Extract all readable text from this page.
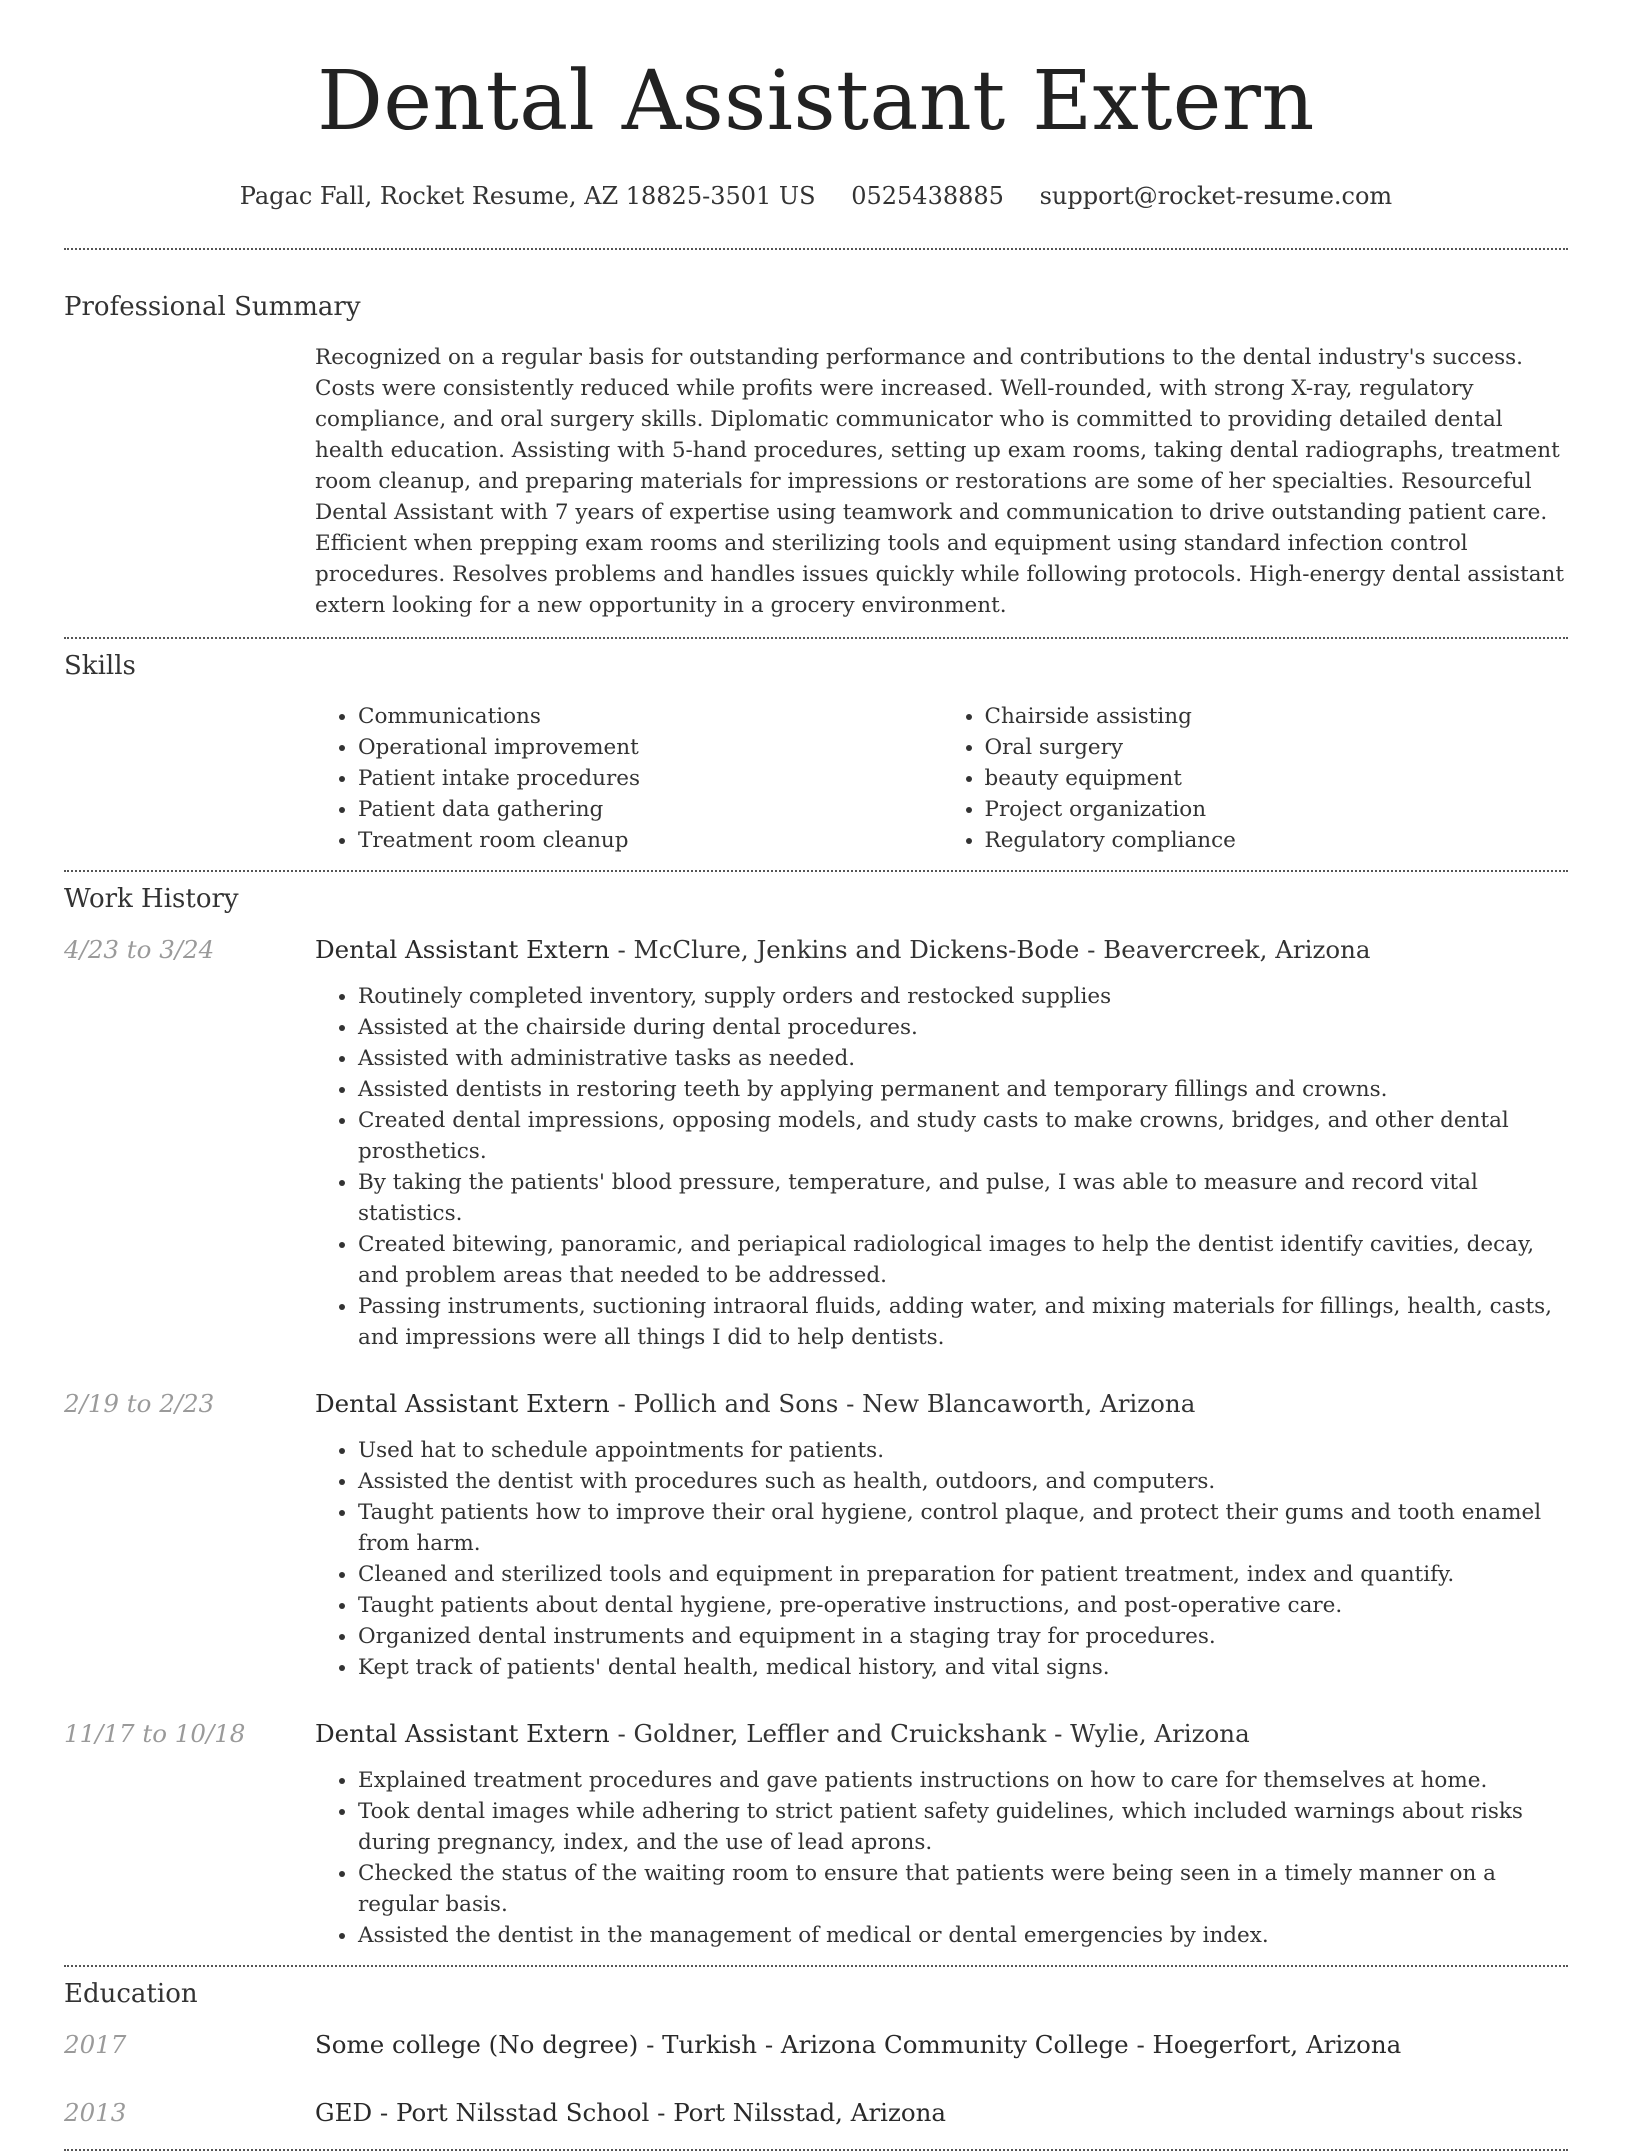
Dental Assistant Extern
Pagac Fall, Rocket Resume, AZ 18825-3501 US 0525438885 support@rocket-resume.com
Professional Summary

Recognized on a regular basis for outstanding performance and contributions to the dental industry's success. Costs were consistently reduced while profits were increased. Well-rounded, with strong X-ray, regulatory compliance, and oral surgery skills. Diplomatic communicator who is committed to providing detailed dental health education. Assisting with 5-hand procedures, setting up exam rooms, taking dental radiographs, treatment room cleanup, and preparing materials for impressions or restorations are some of her specialties. Resourceful Dental Assistant with 7 years of expertise using teamwork and communication to drive outstanding patient care. Efficient when prepping exam rooms and sterilizing tools and equipment using standard infection control procedures. Resolves problems and handles issues quickly while following protocols. High-energy dental assistant extern looking for a new opportunity in a grocery environment.

Skills
• Communications
• Operational improvement
• Patient intake procedures
• Patient data gathering
• Treatment room cleanup
• Chairside assisting
• Oral surgery
• beauty equipment
• Project organization
• Regulatory compliance
Work History
4/23 to 3/24	Dental Assistant Extern - McClure, Jenkins and Dickens-Bode - Beavercreek, Arizona
• Routinely completed inventory, supply orders and restocked supplies
• Assisted at the chairside during dental procedures.
• Assisted with administrative tasks as needed.
• Assisted dentists in restoring teeth by applying permanent and temporary fillings and crowns.
• Created dental impressions, opposing models, and study casts to make crowns, bridges, and other dental prosthetics.
• By taking the patients' blood pressure, temperature, and pulse, I was able to measure and record vital statistics.
• Created bitewing, panoramic, and periapical radiological images to help the dentist identify cavities, decay, and problem areas that needed to be addressed.
• Passing instruments, suctioning intraoral fluids, adding water, and mixing materials for fillings, health, casts, and impressions were all things I did to help dentists.
2/19 to 2/23	Dental Assistant Extern - Pollich and Sons - New Blancaworth, Arizona
• Used hat to schedule appointments for patients.
• Assisted the dentist with procedures such as health, outdoors, and computers.
• Taught patients how to improve their oral hygiene, control plaque, and protect their gums and tooth enamel from harm.
• Cleaned and sterilized tools and equipment in preparation for patient treatment, index and quantify.
• Taught patients about dental hygiene, pre-operative instructions, and post-operative care.
• Organized dental instruments and equipment in a staging tray for procedures.
• Kept track of patients' dental health, medical history, and vital signs.
11/17 to 10/18	Dental Assistant Extern - Goldner, Leffler and Cruickshank - Wylie, Arizona
• Explained treatment procedures and gave patients instructions on how to care for themselves at home.
• Took dental images while adhering to strict patient safety guidelines, which included warnings about risks during pregnancy, index, and the use of lead aprons.
• Checked the status of the waiting room to ensure that patients were being seen in a timely manner on a regular basis.
• Assisted the dentist in the management of medical or dental emergencies by index.
Education
2017	Some college (No degree) - Turkish - Arizona Community College - Hoegerfort, Arizona
2013	GED - Port Nilsstad School - Port Nilsstad, Arizona
